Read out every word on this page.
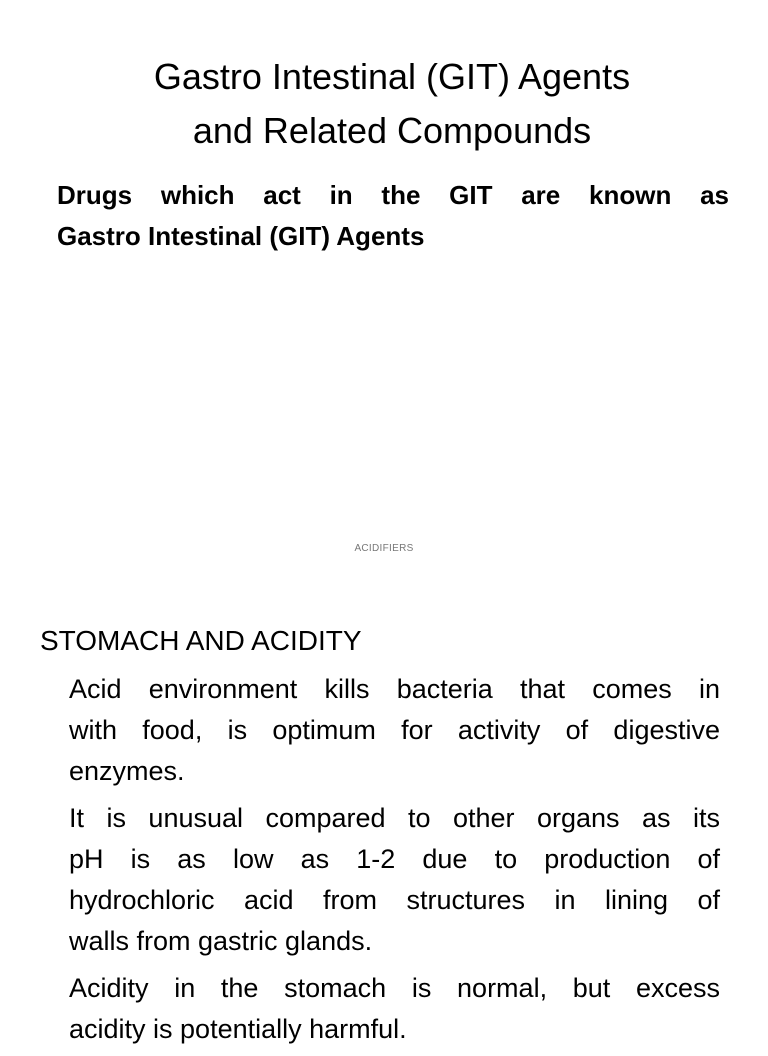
Gastro Intestinal (GIT) Agents
and Related Compounds
Drugs which act in the GIT are known as
Gastro Intestinal (GIT) Agents
ACIDIFIERS
STOMACH AND ACIDITY
Acid environment kills bacteria that comes in
with food, is optimum for activity of digestive
enzymes.
It is unusual compared to other organs as its
pH is as low as 1-2 due to production of
hydrochloric acid from structures in lining of
walls from gastric glands.
Acidity in the stomach is normal, but excess
acidity is potentially harmful.
